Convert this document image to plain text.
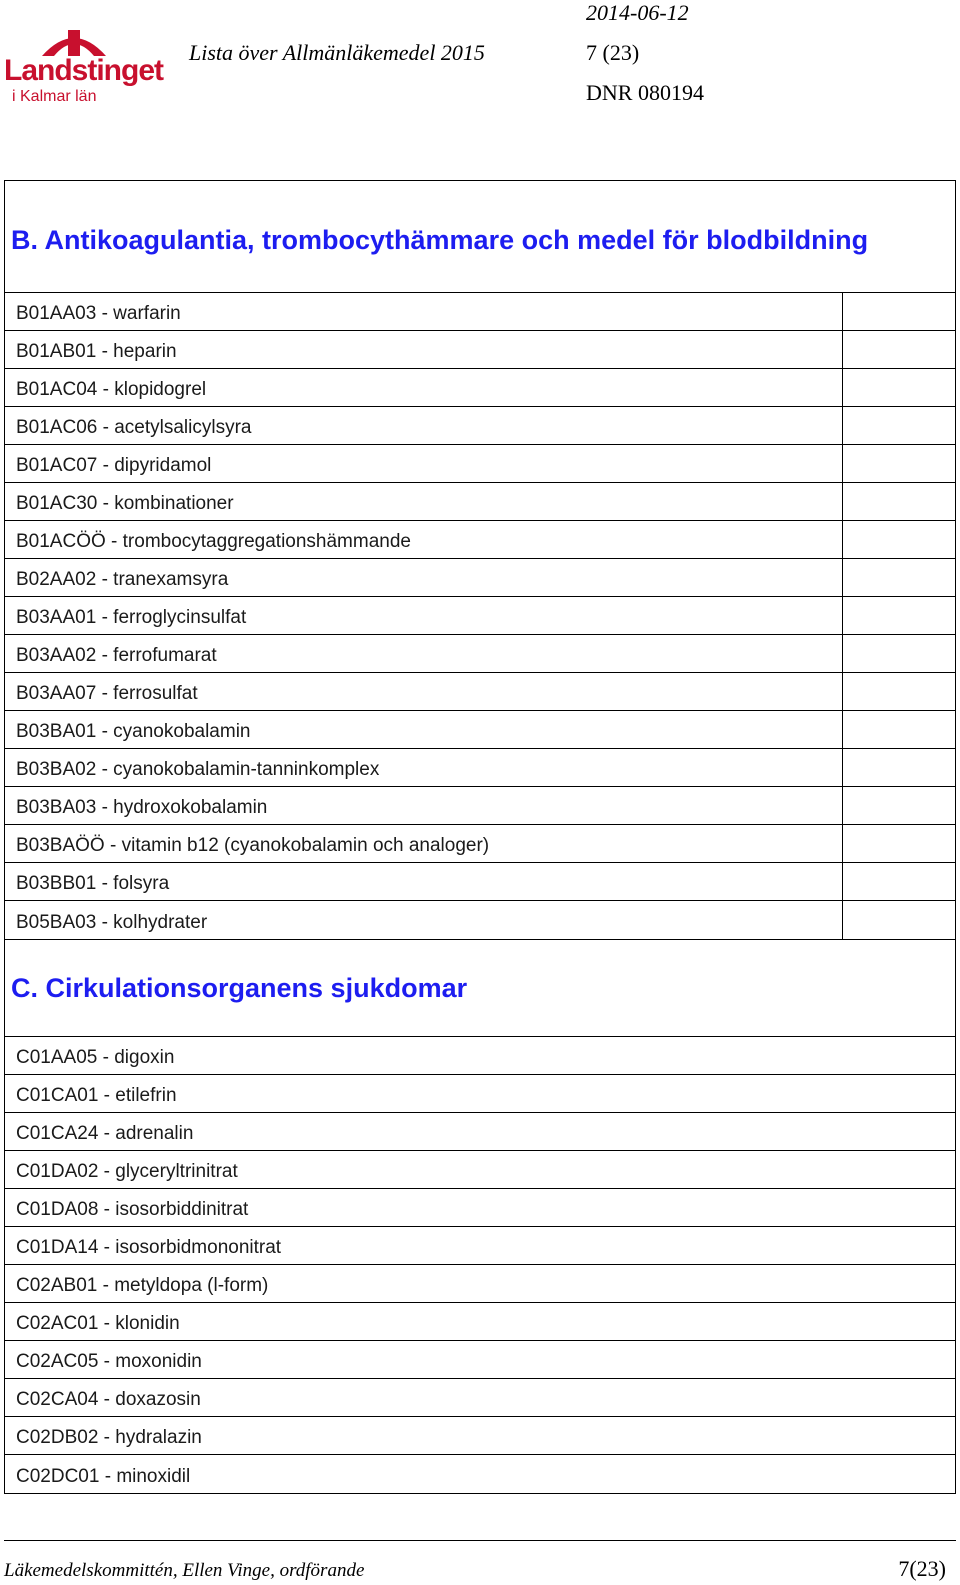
Landstinget
i Kalmar län
2014-06-12
Lista över Allmänläkemedel 2015	7 (23)
DNR 080194
B. Antikoagulantia, trombocythämmare och medel för blodbildning
B01AA03 - warfarin
B01AB01 - heparin
B01AC04 - klopidogrel
B01AC06 - acetylsalicylsyra
B01AC07 - dipyridamol
B01AC30 - kombinationer
B01ACÖÖ - trombocytaggregationshämmande
B02AA02 - tranexamsyra
B03AA01 - ferroglycinsulfat
B03AA02 - ferrofumarat
B03AA07 - ferrosulfat
B03BA01 - cyanokobalamin
B03BA02 - cyanokobalamin-tanninkomplex
B03BA03 - hydroxokobalamin
B03BAÖÖ - vitamin b12 (cyanokobalamin och analoger)
B03BB01 - folsyra
B05BA03 - kolhydrater
C. Cirkulationsorganens sjukdomar
C01AA05 - digoxin
C01CA01 - etilefrin
C01CA24 - adrenalin
C01DA02 - glyceryltrinitrat
C01DA08 - isosorbiddinitrat
C01DA14 - isosorbidmononitrat
C02AB01 - metyldopa (l-form)
C02AC01 - klonidin
C02AC05 - moxonidin
C02CA04 - doxazosin
C02DB02 - hydralazin
C02DC01 - minoxidil
Läkemedelskommittén, Ellen Vinge, ordförande	7(23)
